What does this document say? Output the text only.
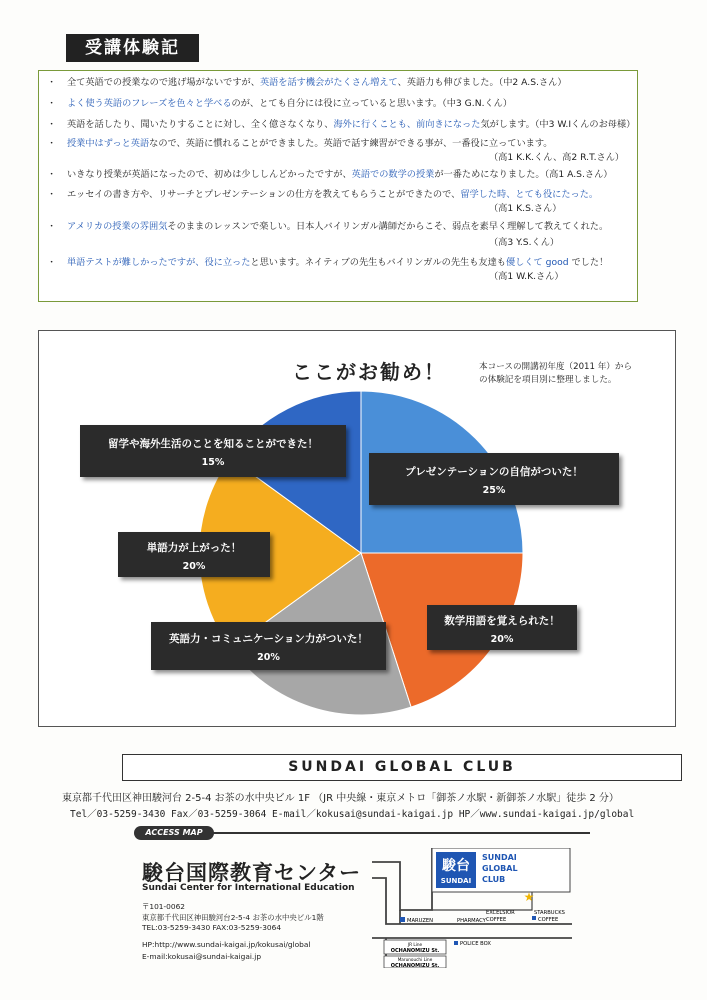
受講体験記
・ 全て英語での授業なので逃げ場がないですが、英語を話す機会がたくさん増えて、英語力も伸びました。（中2 A.S.さん）
・ よく使う英語のフレーズを色々と学べるのが、とても自分には役に立っていると思います。（中3 G.N.くん）
・ 英語を話したり、聞いたりすることに対し、全く億さなくなり、海外に行くことも、前向きになった気がします。（中3 W.Iくんのお母様）
・ 授業中はずっと英語なので、英語に慣れることができました。英語で話す練習ができる事が、一番役に立っています。
（高1 K.K.くん、高2 R.T.さん）
・ いきなり授業が英語になったので、初めは少ししんどかったですが、英語での数学の授業が一番ためになりました。（高1 A.S.さん）
・ エッセイの書き方や、リサーチとプレゼンテーションの仕方を教えてもらうことができたので、留学した時、とても役にたった。
（高1 K.S.さん）
・ アメリカの授業の雰囲気そのままのレッスンで楽しい。日本人バイリンガル講師だからこそ、弱点を素早く理解して教えてくれた。
（高3 Y.S.くん）
・ 単語テストが難しかったですが、役に立ったと思います。ネイティブの先生もバイリンガルの先生も友達も優しくて good でした！
（高1 W.K.さん）
ここがお勧め！	本コースの開講初年度（2011 年）からの体験記を項目別に整理しました。
プレゼンテーションの自信がついた！
25%
数学用語を覚えられた！
20%
英語力・コミュニケーション力がついた！
20%
単語力が上がった！
20%
留学や海外生活のことを知ることができた！
15%
SUNDAI GLOBAL CLUB
東京都千代田区神田駿河台 2-5-4 お茶の水中央ビル 1F （JR 中央線・東京メトロ「御茶ノ水駅・新御茶ノ水駅」徒歩 2 分）
Tel／03-5259-3430 Fax／03-5259-3064 E-mail／kokusai@sundai-kaigai.jp HP／www.sundai-kaigai.jp/global
ACCESS MAP
駿台国際教育センター
Sundai Center for International Education
〒101-0062
東京都千代田区神田駿河台2-5-4 お茶の水中央ビル1階
TEL:03-5259-3430 FAX:03-5259-3064
HP:http://www.sundai-kaigai.jp/kokusai/global
E-mail:kokusai@sundai-kaigai.jp
駿台
SUNDAI
SUNDAI
GLOBAL
CLUB
★
MARUZEN	PHARMACY
EXCELSIOR
COFFEE
STARBUCKS
COFFEE
POLICE BOX
JR Line
OCHANOMIZU St.
Marunouchi Line
OCHANOMIZU St.
